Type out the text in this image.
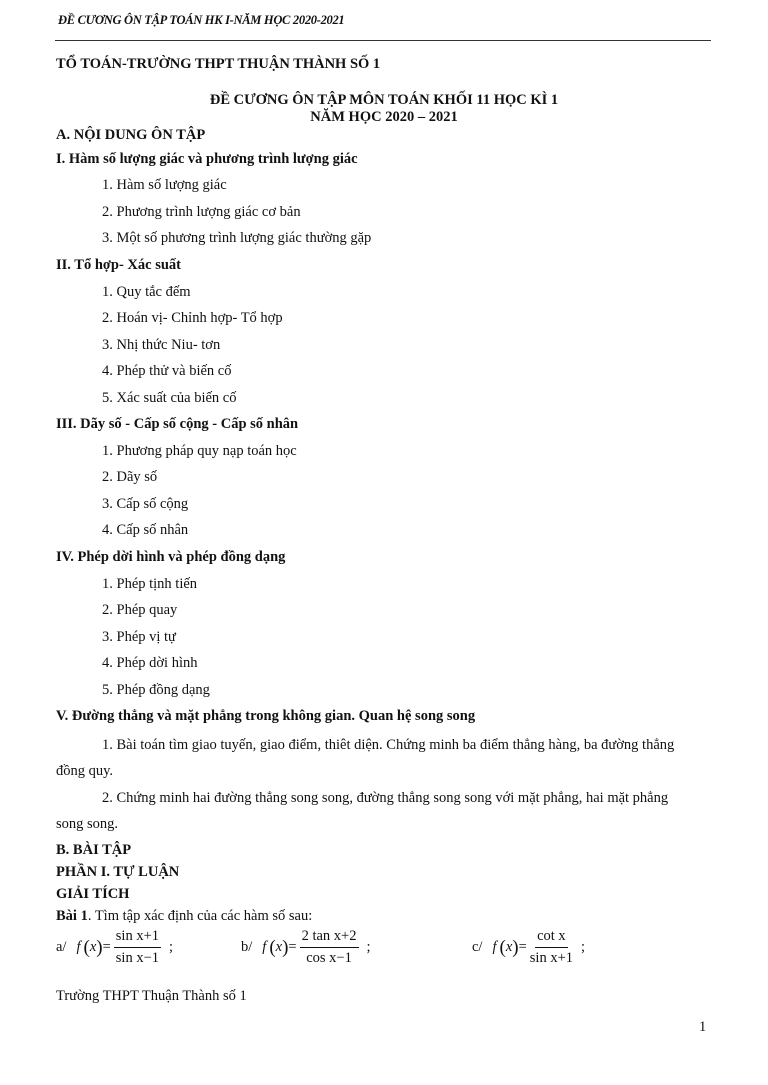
ĐỀ CƯƠNG ÔN TẬP TOÁN HK I-NĂM HỌC 2020-2021
TỔ TOÁN-TRƯỜNG THPT THUẬN THÀNH SỐ 1
ĐỀ CƯƠNG ÔN TẬP MÔN TOÁN KHỐI 11 HỌC KÌ 1
NĂM HỌC 2020 – 2021
A. NỘI DUNG ÔN TẬP
I. Hàm số lượng giác và phương trình lượng giác
1. Hàm số lượng giác
2. Phương trình lượng giác cơ bản
3. Một số phương trình lượng giác thường gặp
II. Tổ hợp- Xác suất
1. Quy tắc đếm
2. Hoán vị- Chỉnh hợp- Tổ hợp
3. Nhị thức Niu- tơn
4. Phép thử và biến cố
5. Xác suất của biến cố
III. Dãy số - Cấp số cộng - Cấp số nhân
1. Phương pháp quy nạp toán học
2. Dãy số
3. Cấp số cộng
4. Cấp số nhân
IV. Phép dời hình và phép đồng dạng
1. Phép tịnh tiến
2. Phép quay
3. Phép vị tự
4. Phép dời hình
5. Phép đồng dạng
V. Đường thẳng và mặt phẳng trong không gian. Quan hệ song song
1. Bài toán tìm giao tuyến, giao điểm, thiêt diện. Chứng minh ba điểm thẳng hàng, ba đường thẳng
đồng quy.
2. Chứng minh hai đường thẳng song song, đường thẳng song song với mặt phẳng, hai mặt phẳng
song song.
B. BÀI TẬP
PHẦN I. TỰ LUẬN
GIẢI TÍCH
Bài 1. Tìm tập xác định của các hàm số sau:
a/ f ( x ) = $\frac{\text{sin x+1}}{\text{sin x−1}}$ ;	b/ f ( x ) = $\frac{\text{2 tan x+2}}{\text{cos x−1}}$ ;	c/ f ( x ) = $\frac{\text{cot x}}{\text{sin x+1}}$ ;
Trường THPT Thuận Thành số 1
1
